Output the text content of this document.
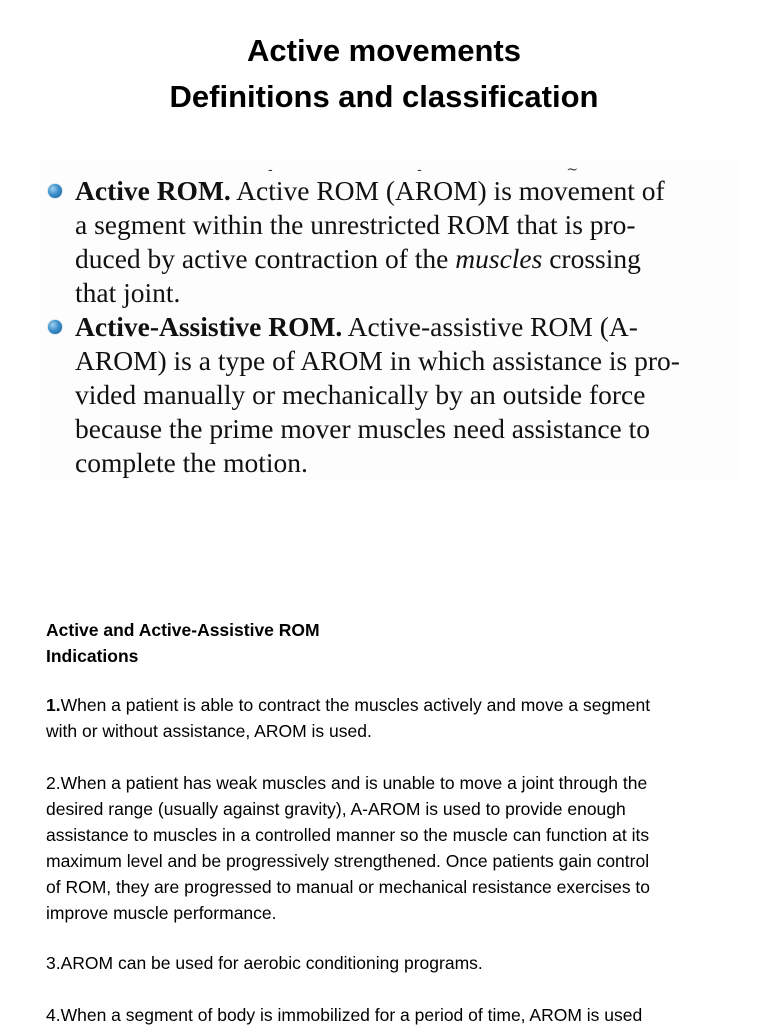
Active movements
Definitions and classification
- - ~
Active ROM. Active ROM (AROM) is movement of
a segment within the unrestricted ROM that is pro-
duced by active contraction of the muscles crossing
that joint.
Active-Assistive ROM. Active-assistive ROM (A-
AROM) is a type of AROM in which assistance is pro-
vided manually or mechanically by an outside force
because the prime mover muscles need assistance to
complete the motion.
Active and Active-Assistive ROM
Indications
1.When a patient is able to contract the muscles actively and move a segment
with or without assistance, AROM is used.
2.When a patient has weak muscles and is unable to move a joint through the
desired range (usually against gravity), A-AROM is used to provide enough
assistance to muscles in a controlled manner so the muscle can function at its
maximum level and be progressively strengthened. Once patients gain control
of ROM, they are progressed to manual or mechanical resistance exercises to
improve muscle performance.
3.AROM can be used for aerobic conditioning programs.
4.When a segment of body is immobilized for a period of time, AROM is used
